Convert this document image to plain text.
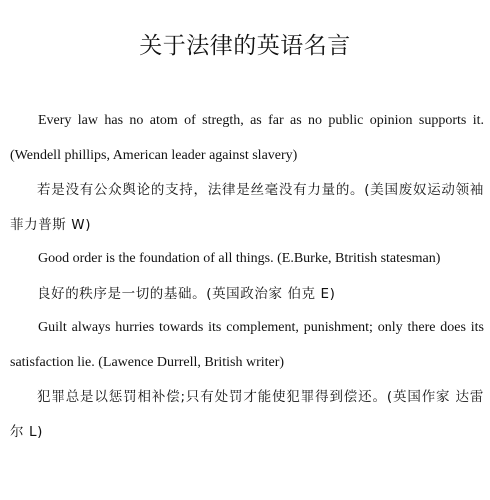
关于法律的英语名言

Every law has no atom of stregth, as far as no public opinion supports it. (Wendell phillips, American leader against slavery)

若是没有公众舆论的支持，法律是丝毫没有力量的。(美国废奴运动领袖 菲力普斯 W)

Good order is the foundation of all things. (E.Burke, Btritish statesman)

良好的秩序是一切的基础。(英国政治家 伯克 E)

Guilt always hurries towards its complement, punishment; only there does its satisfaction lie. (Lawence Durrell, British writer)

犯罪总是以惩罚相补偿;只有处罚才能使犯罪得到偿还。(英国作家 达雷尔 L)
